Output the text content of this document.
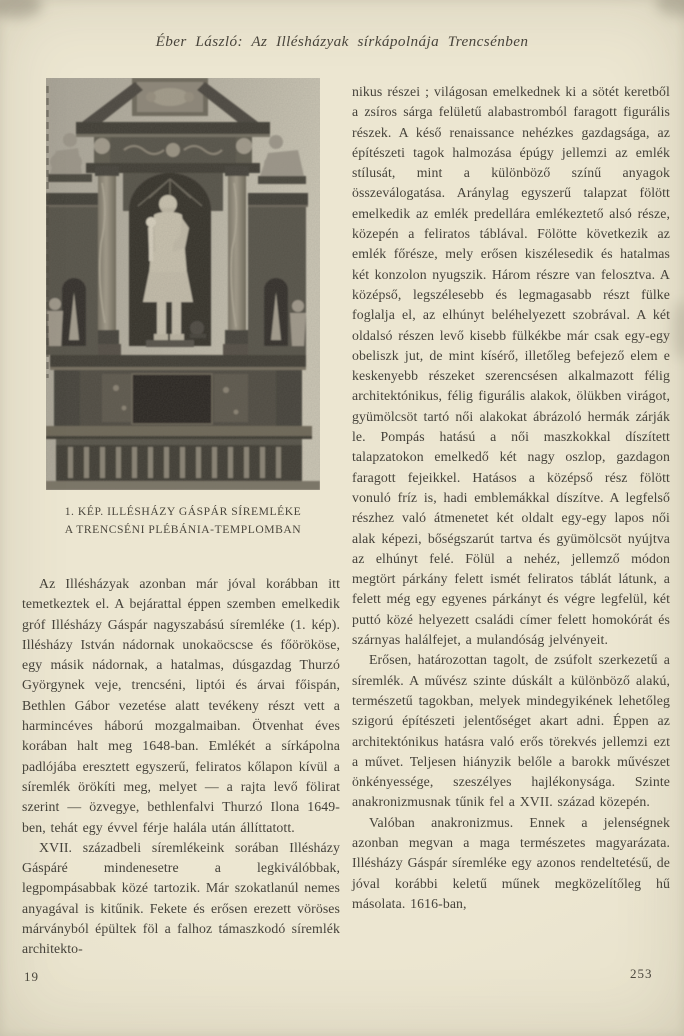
Éber László: Az Illésházyak sírkápolnája Trencsénben
1. KÉP. ILLÉSHÁZY GÁSPÁR SÍREMLÉKE
A TRENCSÉNI PLÉBÁNIA-TEMPLOMBAN

Az Illésházyak azonban már jóval korábban itt temetkeztek el. A bejárattal éppen szemben emelkedik gróf Illésházy Gáspár nagyszabású síremléke (1. kép). Illésházy István nádornak unokaöcscse és főörököse, egy másik nádornak, a hatalmas, dúsgazdag Thurzó Györgynek veje, trencséni, liptói és árvai főispán, Bethlen Gábor vezetése alatt tevékeny részt vett a harmincéves háború mozgalmaiban. Ötvenhat éves korában halt meg 1648-ban. Emlékét a sírkápolna padlójába eresztett egyszerű, feliratos kőlapon kívül a síremlék örökíti meg, melyet — a rajta levő fölirat szerint — özvegye, bethlenfalvi Thurzó Ilona 1649-ben, tehát egy évvel férje halála után állíttatott.

XVII. századbeli síremlékeink sorában Illésházy Gáspáré mindenesetre a legkiválóbbak, legpompásabbak közé tartozik. Már szokatlanúl nemes anyagával is kitűnik. Fekete és erősen erezett vöröses márványból épültek föl a falhoz támaszkodó síremlék architekto-

nikus részei ; világosan emelkednek ki a sötét keretből a zsíros sárga felületű alabastromból faragott figurális részek. A késő renaissance nehézkes gazdagsága, az építészeti tagok halmozása épúgy jellemzi az emlék stílusát, mint a különböző színű anyagok összeválogatása. Aránylag egyszerű talapzat fölött emelkedik az emlék predellára emlékeztető alsó része, közepén a feliratos táblával. Fölötte következik az emlék főrésze, mely erősen kiszélesedik és hatalmas két konzolon nyugszik. Három részre van felosztva. A középső, legszélesebb és legmagasabb részt fülke foglalja el, az elhúnyt beléhelyezett szobrával. A két oldalsó részen levő kisebb fülkékbe már csak egy-egy obeliszk jut, de mint kísérő, illetőleg befejező elem e keskenyebb részeket szerencsésen alkalmazott félig architektónikus, félig figurális alakok, ölükben virágot, gyümölcsöt tartó női alakokat ábrázoló hermák zárják le. Pompás hatású a női maszkokkal díszített talapzatokon emelkedő két nagy oszlop, gazdagon faragott fejeikkel. Hatásos a középső rész fölött vonuló fríz is, hadi emblemákkal díszítve. A legfelső részhez való átmenetet két oldalt egy-egy lapos női alak képezi, bőségszarút tartva és gyümölcsöt nyújtva az elhúnyt felé. Fölül a nehéz, jellemző módon megtört párkány felett ismét feliratos táblát látunk, a felett még egy egyenes párkányt és végre legfelül, két puttó közé helyezett családi címer felett homokórát és szárnyas halálfejet, a mulandóság jelvényeit.

Erősen, határozottan tagolt, de zsúfolt szerkezetű a síremlék. A művész szinte dúskált a különböző alakú, természetű tagokban, melyek mindegyikének lehetőleg szigorú építészeti jelentőséget akart adni. Éppen az architektónikus hatásra való erős törekvés jellemzi ezt a művet. Teljesen hiányzik belőle a barokk művészet önkényessége, szeszélyes hajlékonysága. Szinte anakronizmusnak tűnik fel a XVII. század közepén.

Valóban anakronizmus. Ennek a jelenségnek azonban megvan a maga természetes magyarázata. Illésházy Gáspár síremléke egy azonos rendeltetésű, de jóval korábbi keletű műnek megközelítőleg hű másolata. 1616-ban,

19	253
